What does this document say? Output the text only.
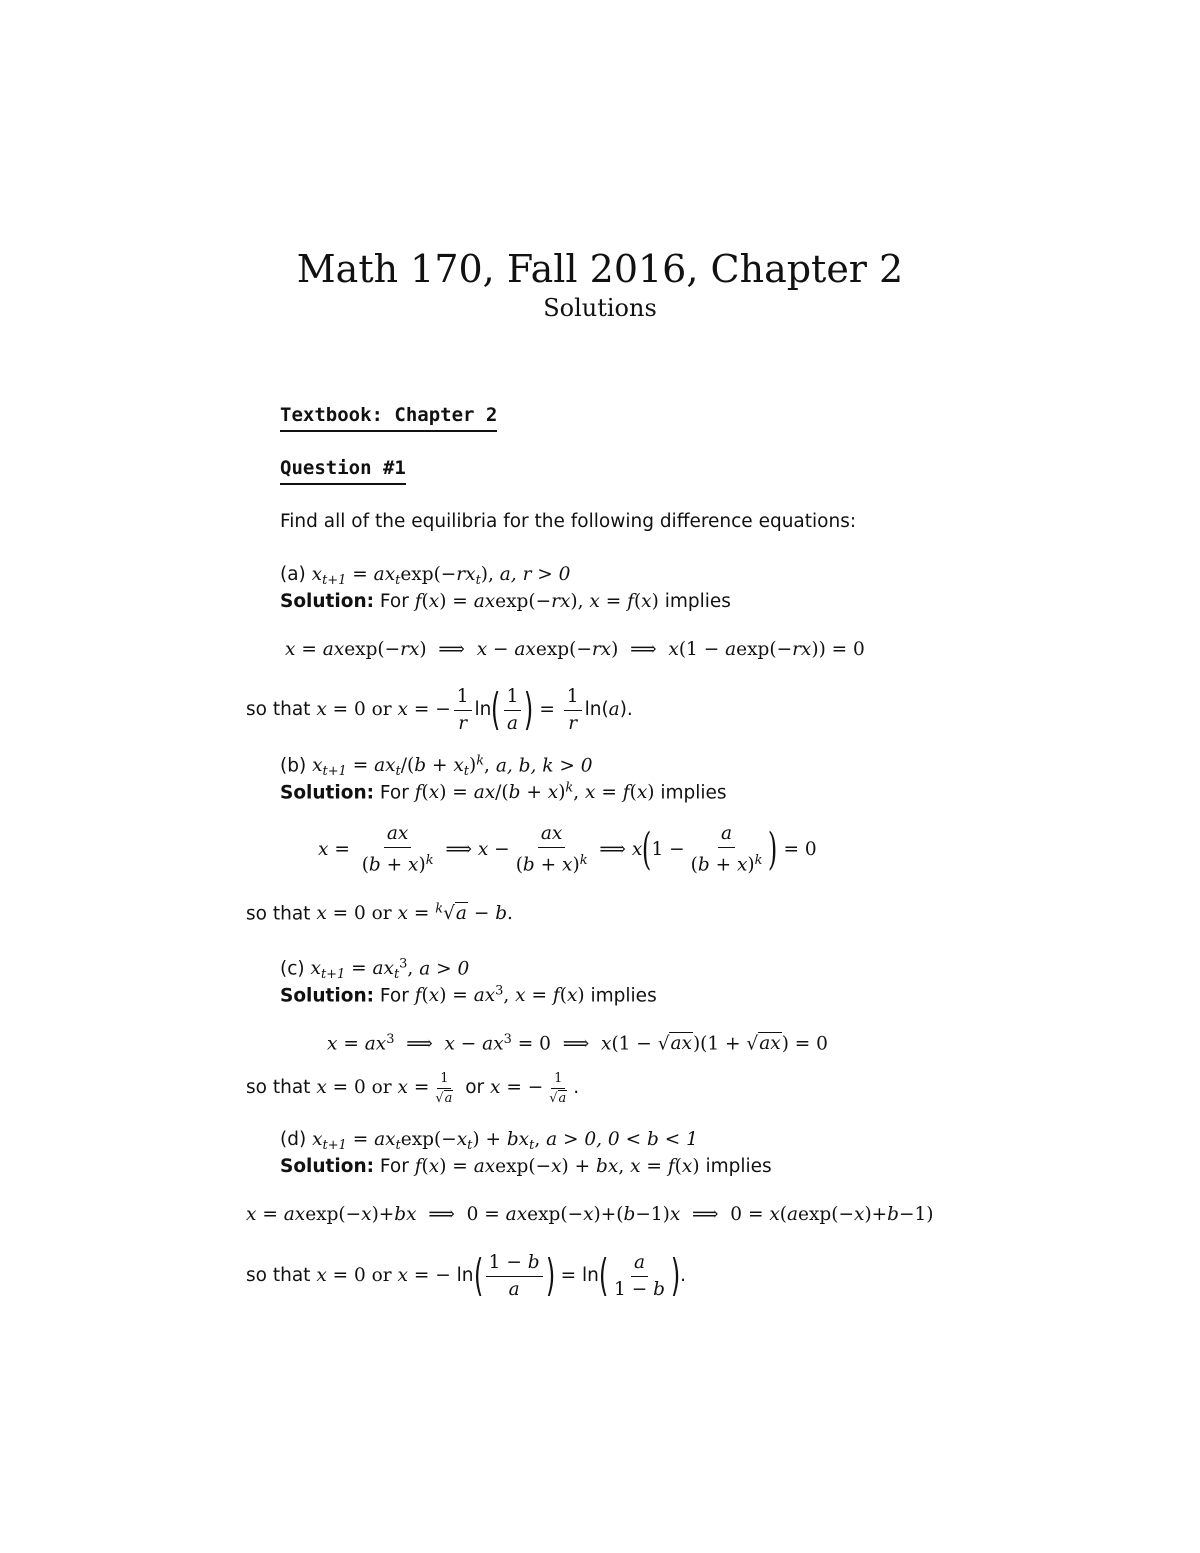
Math 170, Fall 2016, Chapter 2
Solutions
Textbook: Chapter 2
Question #1
Find all of the equilibria for the following difference equations:
(a) $x_{t+1} = ax_t\exp(-rx_t)$, a, r > 0
Solution: For f(x) = axexp(−rx), x = f(x) implies
x = axexp(−rx)  ⟹  x − axexp(−rx)  ⟹  x(1 − aexp(−rx)) = 0
so that
x = 0 or x = − $\frac{1}{r}$ ln ( $\frac{1}{a}$ ) = $\frac{1}{r} \ln(a)$.
(b) $x_{t+1} = ax_t/(b + x_t)^k$, a, b, k > 0
Solution: For $f(x) = ax/(b + x)^k$, x = f(x) implies
$x = \frac{ax}{(b + x)^k}$ ⟹ $x - \frac{ax}{(b + x)^k}$ ⟹ x ( $1 - \frac{a}{(b + x)^k}$ ) = 0
so that x = 0 or x = $^k$√a − b.
(c) $x_{t+1} = ax_t^3$, a > 0
Solution: For $f(x) = ax^3$, x = f(x) implies
$x = ax^3$  ⟹  $x - ax^3 = 0$  ⟹  x(1 − √ax)(1 + √ax) = 0
so that
x = 0 or $x = \frac{1}{√a}$ or x = − $\frac{1}{√a}$ .
(d) $x_{t+1} = ax_t\exp(-x_t) + bx_t$, a > 0, 0 < b < 1
Solution: For f(x) = axexp(−x) + bx, x = f(x) implies
x = axexp(−x)+bx  ⟹  0 = axexp(−x)+(b−1)x  ⟹  0 = x(aexp(−x)+b−1)
so that
x = 0 or x = − ln ( $\frac{1 - b}{a}$ ) = ln ( $\frac{a}{1 - b}$ ) .
